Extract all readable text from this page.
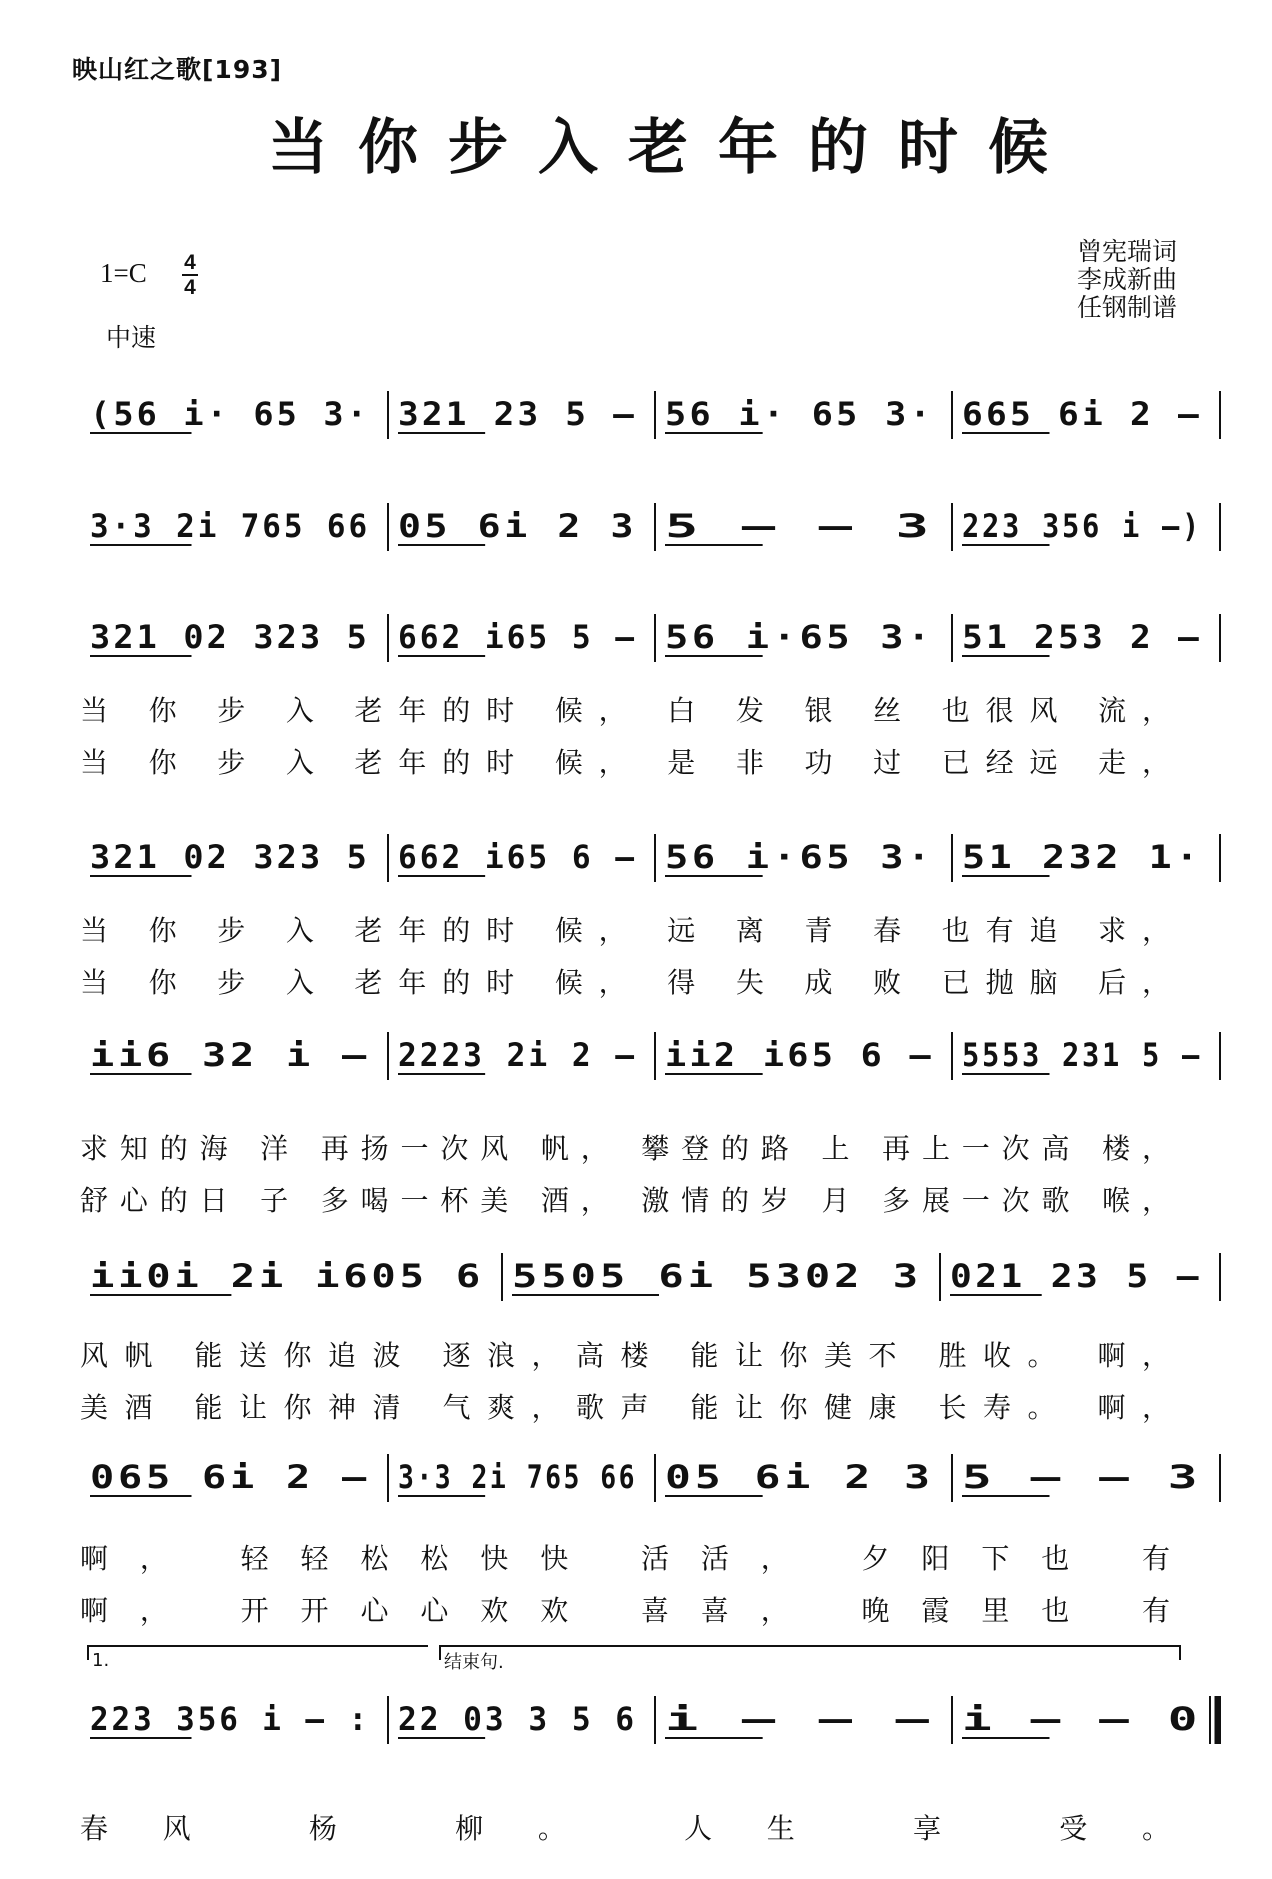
映山红之歌[193]
当你步入老年的时候
曾宪瑞词
李成新曲
任钢制谱
1=C 4
4
中速
(56 i· 65 3· 321 23 5 – 56 i· 65 3· 665 6i 2 –
3·3 2i 765 66 05 6i 2 3 5 – – 3 223 356 i –)
321 02 323 5 662 i65 5 – 56 i·65 3· 51 253 2 –
当 你 步 入 老年的时 候， 白 发 银 丝 也很风 流，
当 你 步 入 老年的时 候， 是 非 功 过 已经远 走，
321 02 323 5 662 i65 6 – 56 i·65 3· 51 232 1·
当 你 步 入 老年的时 候， 远 离 青 春 也有追 求，
当 你 步 入 老年的时 候， 得 失 成 败 已抛脑 后，
ii6 32 i – 2223 2i 2 – ii2 i65 6 – 5553 231 5 –
求知的海 洋 再扬一次风 帆， 攀登的路 上 再上一次高 楼，
舒心的日 子 多喝一杯美 酒， 激情的岁 月 多展一次歌 喉，
ii0i 2i i605 6 5505 6i 5302 3 021 23 5 –
风帆 能送你追波 逐浪，高楼 能让你美不 胜收。 啊，
美酒 能让你神清 气爽，歌声 能让你健康 长寿。 啊，
065 6i 2 – 3·3 2i 765 66 05 6i 2 3 5 – – 3
啊， 轻轻松松快快 活活， 夕阳下也 有
啊， 开开心心欢欢 喜喜， 晚霞里也 有
223 356 i – : 22 03 3 5 6 i – – – i – – 0
春风 杨 柳。 人生 享 受。
1.	结束句.
